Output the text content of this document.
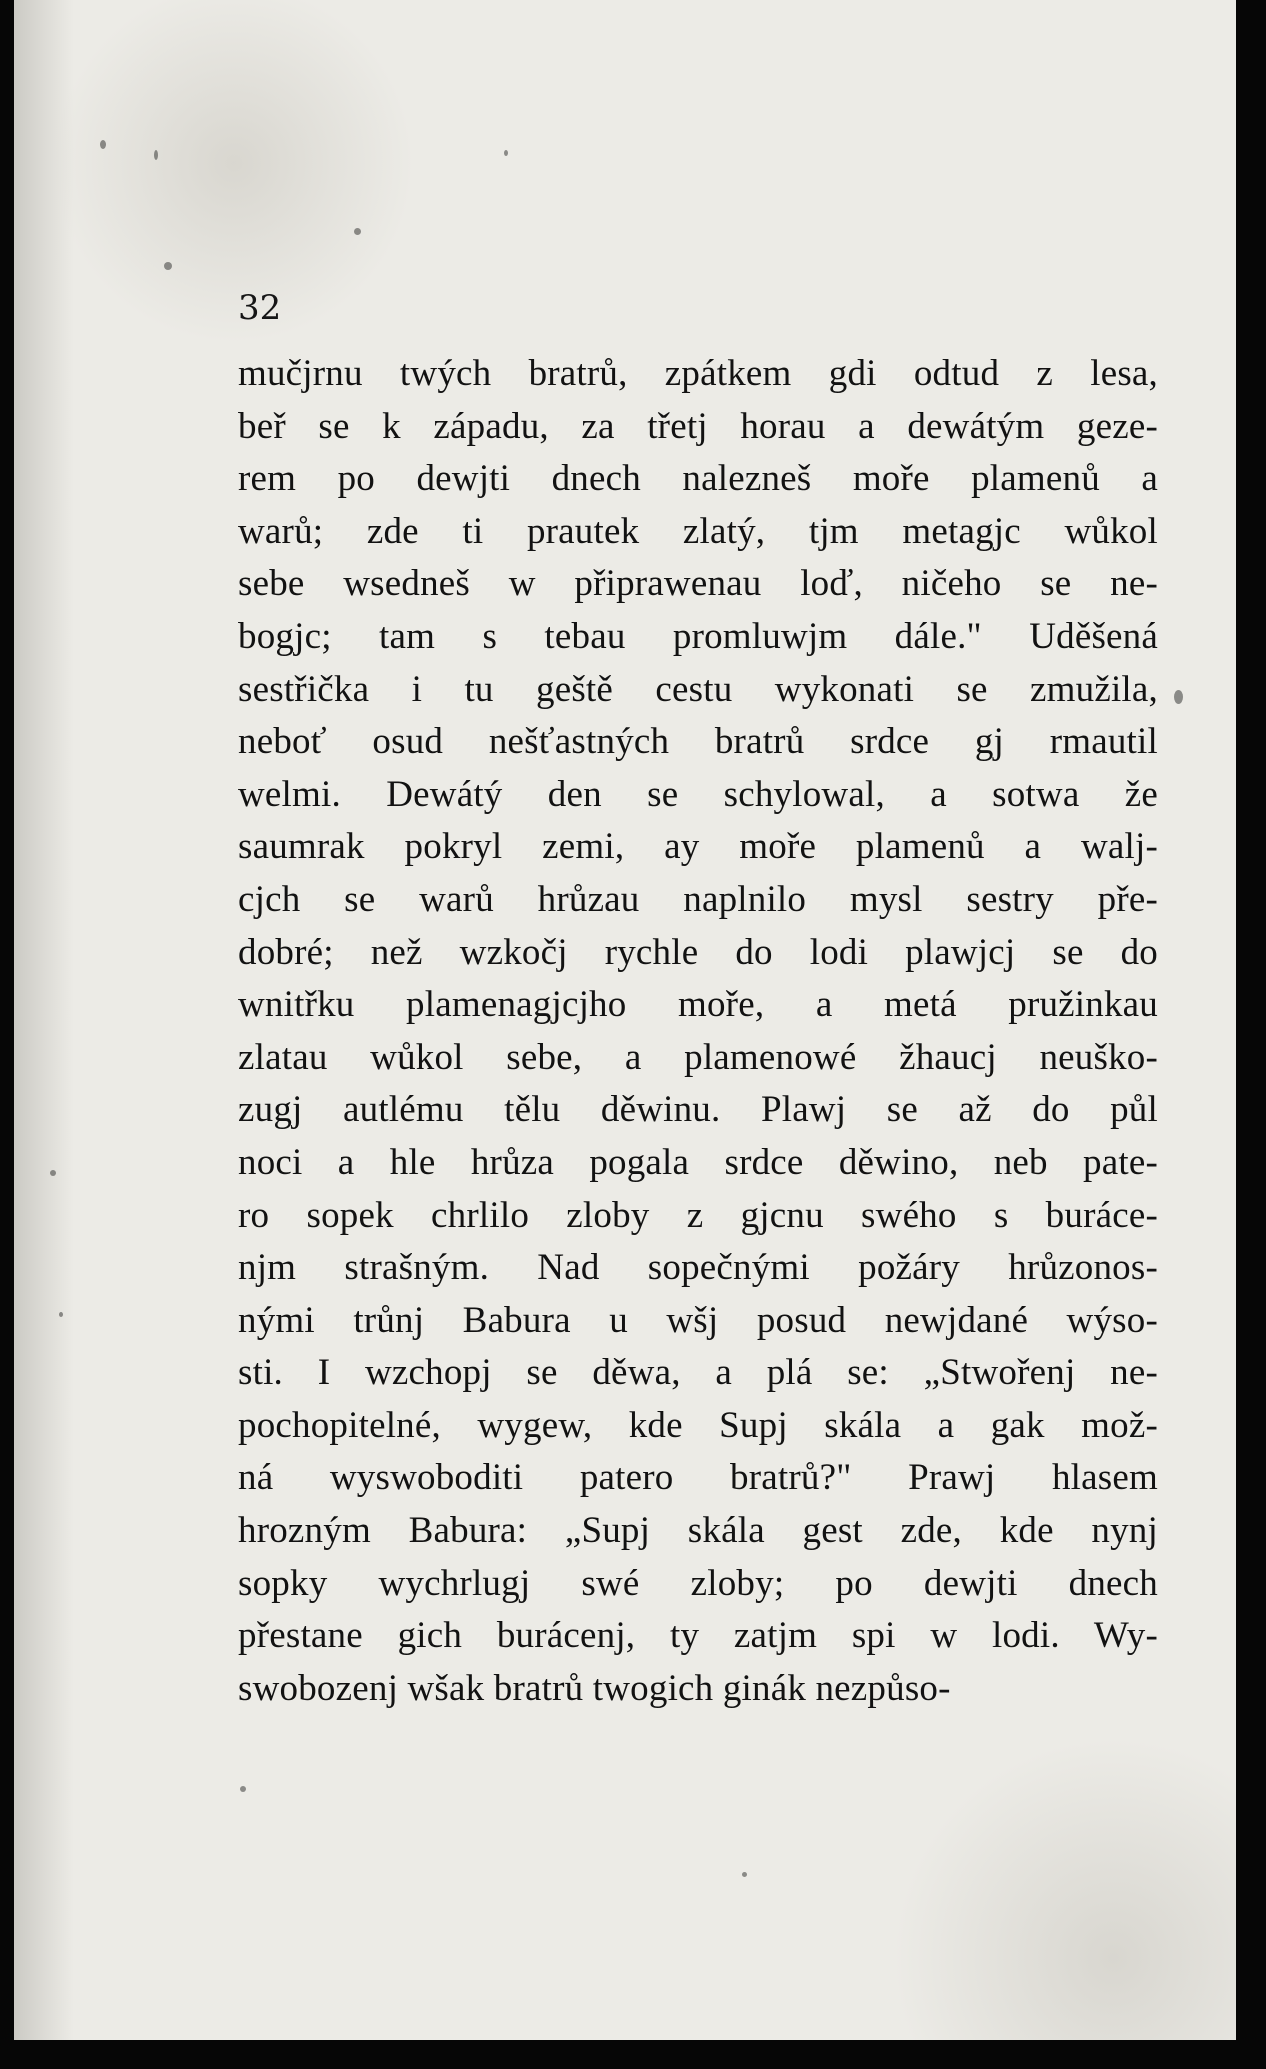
32

mučjrnu twých bratrů, zpátkem gdi odtud z lesa,
beř se k západu, za třetj horau a dewátým geze-
rem po dewjti dnech nalezneš moře plamenů a
warů; zde ti prautek zlatý, tjm metagjc wůkol
sebe wsedneš w připrawenau loď, ničeho se ne-
bogjc; tam s tebau promluwjm dále." Uděšená
sestřička i tu geště cestu wykonati se zmužila,
neboť osud nešťastných bratrů srdce gj rmautil
welmi. Dewátý den se schylowal, a sotwa že
saumrak pokryl zemi, ay moře plamenů a walj-
cjch se warů hrůzau naplnilo mysl sestry pře-
dobré; než wzkočj rychle do lodi plawjcj se do
wnitřku plamenagjcjho moře, a metá pružinkau
zlatau wůkol sebe, a plamenowé žhaucj neuško-
zugj autlému tělu děwinu. Plawj se až do půl
noci a hle hrůza pogala srdce děwino, neb pate-
ro sopek chrlilo zloby z gjcnu swého s buráce-
njm strašným. Nad sopečnými požáry hrůzonos-
nými trůnj Babura u wšj posud newjdané wýso-
sti. I wzchopj se děwa, a plá se: „Stwořenj ne-
pochopitelné, wygew, kde Supj skála a gak mož-
ná wyswoboditi patero bratrů?" Prawj hlasem
hrozným Babura: „Supj skála gest zde, kde nynj
sopky wychrlugj swé zloby; po dewjti dnech
přestane gich burácenj, ty zatjm spi w lodi. Wy-
swobozenj wšak bratrů twogich ginák nezpůso-
